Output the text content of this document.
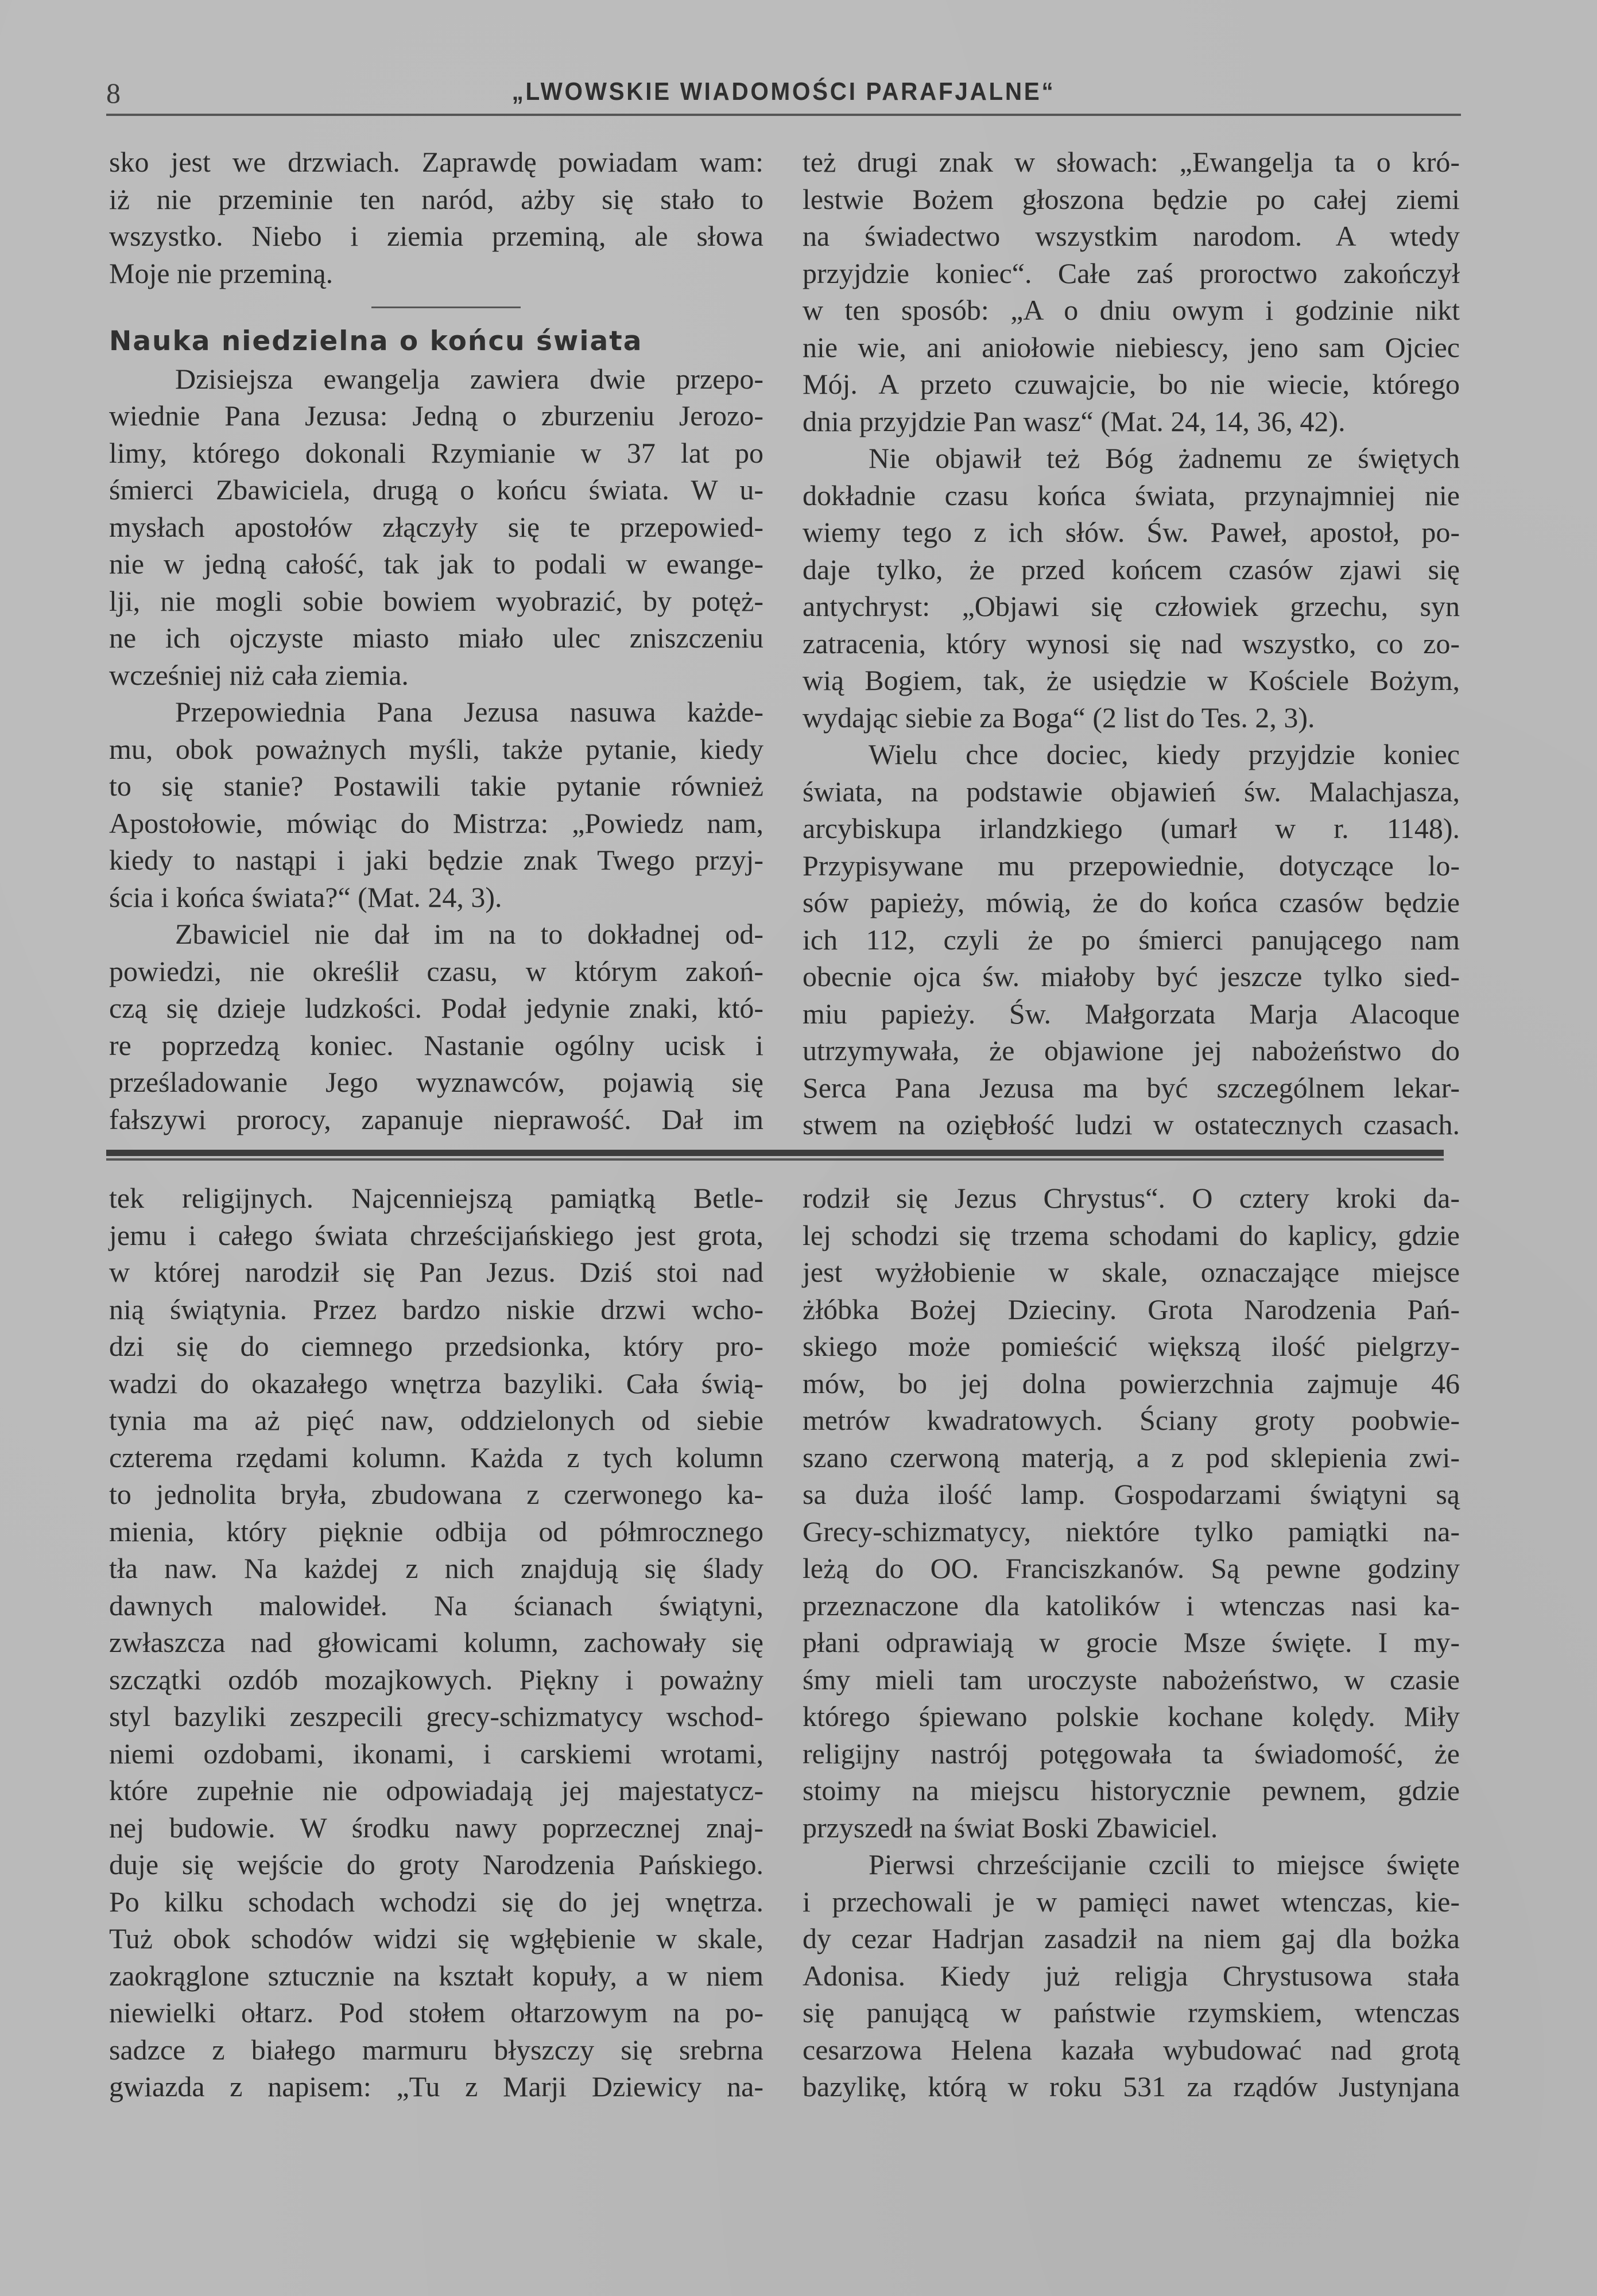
8	„LWOWSKIE WIADOMOŚCI PARAFJALNE“
sko jest we drzwiach. Zaprawdę powiadam wam:
iż nie przeminie ten naród, ażby się stało to
wszystko. Niebo i ziemia przeminą, ale słowa
Moje nie przeminą.
Nauka niedzielna o końcu świata
Dzisiejsza ewangelja zawiera dwie przepo-
wiednie Pana Jezusa: Jedną o zburzeniu Jerozo-
limy, którego dokonali Rzymianie w 37 lat po
śmierci Zbawiciela, drugą o końcu świata. W u-
mysłach apostołów złączyły się te przepowied-
nie w jedną całość, tak jak to podali w ewange-
lji, nie mogli sobie bowiem wyobrazić, by potęż-
ne ich ojczyste miasto miało ulec zniszczeniu
wcześniej niż cała ziemia.
Przepowiednia Pana Jezusa nasuwa każde-
mu, obok poważnych myśli, także pytanie, kiedy
to się stanie? Postawili takie pytanie również
Apostołowie, mówiąc do Mistrza: „Powiedz nam,
kiedy to nastąpi i jaki będzie znak Twego przyj-
ścia i końca świata?“ (Mat. 24, 3).
Zbawiciel nie dał im na to dokładnej od-
powiedzi, nie określił czasu, w którym zakoń-
czą się dzieje ludzkości. Podał jedynie znaki, któ-
re poprzedzą koniec. Nastanie ogólny ucisk i
prześladowanie Jego wyznawców, pojawią się
fałszywi prorocy, zapanuje nieprawość. Dał im
też drugi znak w słowach: „Ewangelja ta o kró-
lestwie Bożem głoszona będzie po całej ziemi
na świadectwo wszystkim narodom. A wtedy
przyjdzie koniec“. Całe zaś proroctwo zakończył
w ten sposób: „A o dniu owym i godzinie nikt
nie wie, ani aniołowie niebiescy, jeno sam Ojciec
Mój. A przeto czuwajcie, bo nie wiecie, którego
dnia przyjdzie Pan wasz“ (Mat. 24, 14, 36, 42).
Nie objawił też Bóg żadnemu ze świętych
dokładnie czasu końca świata, przynajmniej nie
wiemy tego z ich słów. Św. Paweł, apostoł, po-
daje tylko, że przed końcem czasów zjawi się
antychryst: „Objawi się człowiek grzechu, syn
zatracenia, który wynosi się nad wszystko, co zo-
wią Bogiem, tak, że usiędzie w Kościele Bożym,
wydając siebie za Boga“ (2 list do Tes. 2, 3).
Wielu chce dociec, kiedy przyjdzie koniec
świata, na podstawie objawień św. Malachjasza,
arcybiskupa irlandzkiego (umarł w r. 1148).
Przypisywane mu przepowiednie, dotyczące lo-
sów papieży, mówią, że do końca czasów będzie
ich 112, czyli że po śmierci panującego nam
obecnie ojca św. miałoby być jeszcze tylko sied-
miu papieży. Św. Małgorzata Marja Alacoque
utrzymywała, że objawione jej nabożeństwo do
Serca Pana Jezusa ma być szczególnem lekar-
stwem na oziębłość ludzi w ostatecznych czasach.
tek religijnych. Najcenniejszą pamiątką Betle-
jemu i całego świata chrześcijańskiego jest grota,
w której narodził się Pan Jezus. Dziś stoi nad
nią świątynia. Przez bardzo niskie drzwi wcho-
dzi się do ciemnego przedsionka, który pro-
wadzi do okazałego wnętrza bazyliki. Cała świą-
tynia ma aż pięć naw, oddzielonych od siebie
czterema rzędami kolumn. Każda z tych kolumn
to jednolita bryła, zbudowana z czerwonego ka-
mienia, który pięknie odbija od półmrocznego
tła naw. Na każdej z nich znajdują się ślady
dawnych malowideł. Na ścianach świątyni,
zwłaszcza nad głowicami kolumn, zachowały się
szczątki ozdób mozajkowych. Piękny i poważny
styl bazyliki zeszpecili grecy-schizmatycy wschod-
niemi ozdobami, ikonami, i carskiemi wrotami,
które zupełnie nie odpowiadają jej majestatycz-
nej budowie. W środku nawy poprzecznej znaj-
duje się wejście do groty Narodzenia Pańskiego.
Po kilku schodach wchodzi się do jej wnętrza.
Tuż obok schodów widzi się wgłębienie w skale,
zaokrąglone sztucznie na kształt kopuły, a w niem
niewielki ołtarz. Pod stołem ołtarzowym na po-
sadzce z białego marmuru błyszczy się srebrna
gwiazda z napisem: „Tu z Marji Dziewicy na-
rodził się Jezus Chrystus“. O cztery kroki da-
lej schodzi się trzema schodami do kaplicy, gdzie
jest wyżłobienie w skale, oznaczające miejsce
żłóbka Bożej Dzieciny. Grota Narodzenia Pań-
skiego może pomieścić większą ilość pielgrzy-
mów, bo jej dolna powierzchnia zajmuje 46
metrów kwadratowych. Ściany groty poobwie-
szano czerwoną materją, a z pod sklepienia zwi-
sa duża ilość lamp. Gospodarzami świątyni są
Grecy-schizmatycy, niektóre tylko pamiątki na-
leżą do OO. Franciszkanów. Są pewne godziny
przeznaczone dla katolików i wtenczas nasi ka-
płani odprawiają w grocie Msze święte. I my-
śmy mieli tam uroczyste nabożeństwo, w czasie
którego śpiewano polskie kochane kolędy. Miły
religijny nastrój potęgowała ta świadomość, że
stoimy na miejscu historycznie pewnem, gdzie
przyszedł na świat Boski Zbawiciel.
Pierwsi chrześcijanie czcili to miejsce święte
i przechowali je w pamięci nawet wtenczas, kie-
dy cezar Hadrjan zasadził na niem gaj dla bożka
Adonisa. Kiedy już religja Chrystusowa stała
się panującą w państwie rzymskiem, wtenczas
cesarzowa Helena kazała wybudować nad grotą
bazylikę, którą w roku 531 za rządów Justynjana
